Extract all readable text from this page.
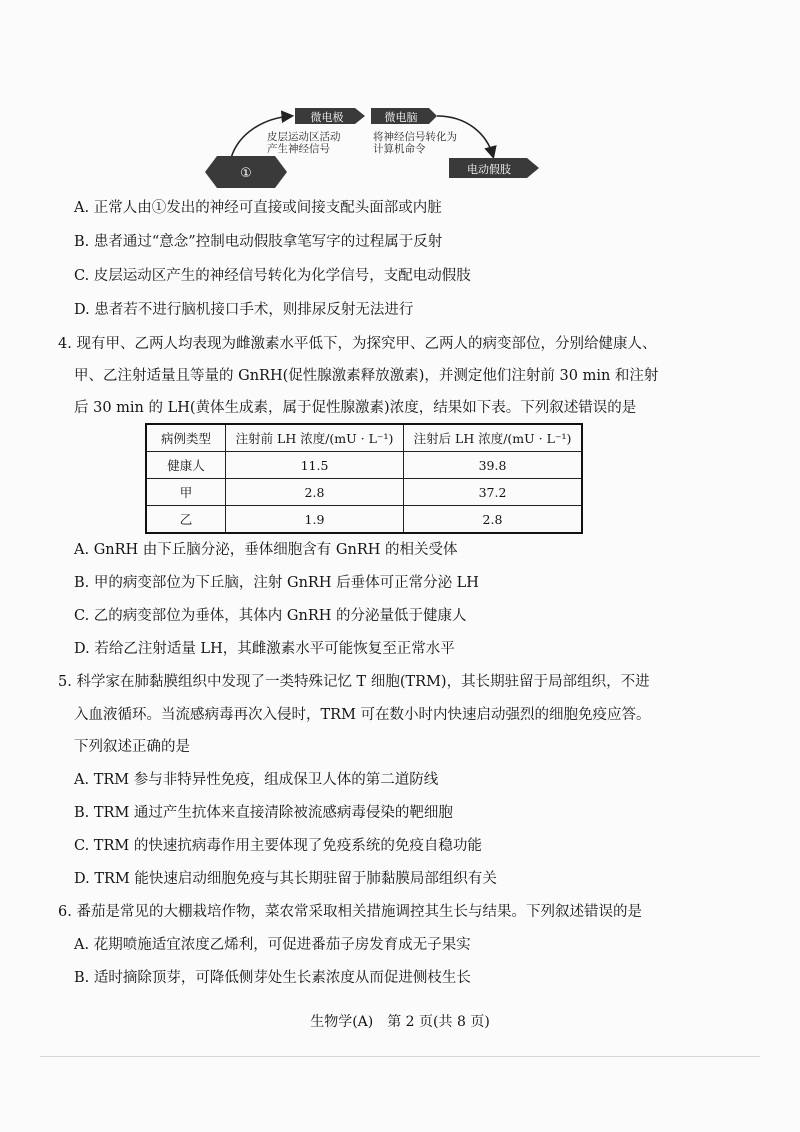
①
微电极	微电脑
皮层运动区活动
产生神经信号
将神经信号转化为
计算机命令
电动假肢
A. 正常人由①发出的神经可直接或间接支配头面部或内脏
B. 患者通过“意念”控制电动假肢拿笔写字的过程属于反射
C. 皮层运动区产生的神经信号转化为化学信号，支配电动假肢
D. 患者若不进行脑机接口手术，则排尿反射无法进行
4. 现有甲、乙两人均表现为雌激素水平低下，为探究甲、乙两人的病变部位，分别给健康人、
甲、乙注射适量且等量的 GnRH(促性腺激素释放激素)，并测定他们注射前 30 min 和注射
后 30 min 的 LH(黄体生成素，属于促性腺激素)浓度，结果如下表。下列叙述错误的是
病例类型	注射前 LH 浓度/(mU · L⁻¹)	注射后 LH 浓度/(mU · L⁻¹)
健康人	11.5	39.8
甲	2.8	37.2
乙	1.9	2.8
A. GnRH 由下丘脑分泌，垂体细胞含有 GnRH 的相关受体
B. 甲的病变部位为下丘脑，注射 GnRH 后垂体可正常分泌 LH
C. 乙的病变部位为垂体，其体内 GnRH 的分泌量低于健康人
D. 若给乙注射适量 LH，其雌激素水平可能恢复至正常水平
5. 科学家在肺黏膜组织中发现了一类特殊记忆 T 细胞(TRM)，其长期驻留于局部组织，不进
入血液循环。当流感病毒再次入侵时，TRM 可在数小时内快速启动强烈的细胞免疫应答。
下列叙述正确的是
A. TRM 参与非特异性免疫，组成保卫人体的第二道防线
B. TRM 通过产生抗体来直接清除被流感病毒侵染的靶细胞
C. TRM 的快速抗病毒作用主要体现了免疫系统的免疫自稳功能
D. TRM 能快速启动细胞免疫与其长期驻留于肺黏膜局部组织有关
6. 番茄是常见的大棚栽培作物，菜农常采取相关措施调控其生长与结果。下列叙述错误的是
A. 花期喷施适宜浓度乙烯利，可促进番茄子房发育成无子果实
B. 适时摘除顶芽，可降低侧芽处生长素浓度从而促进侧枝生长
生物学(A)　第 2 页(共 8 页)
